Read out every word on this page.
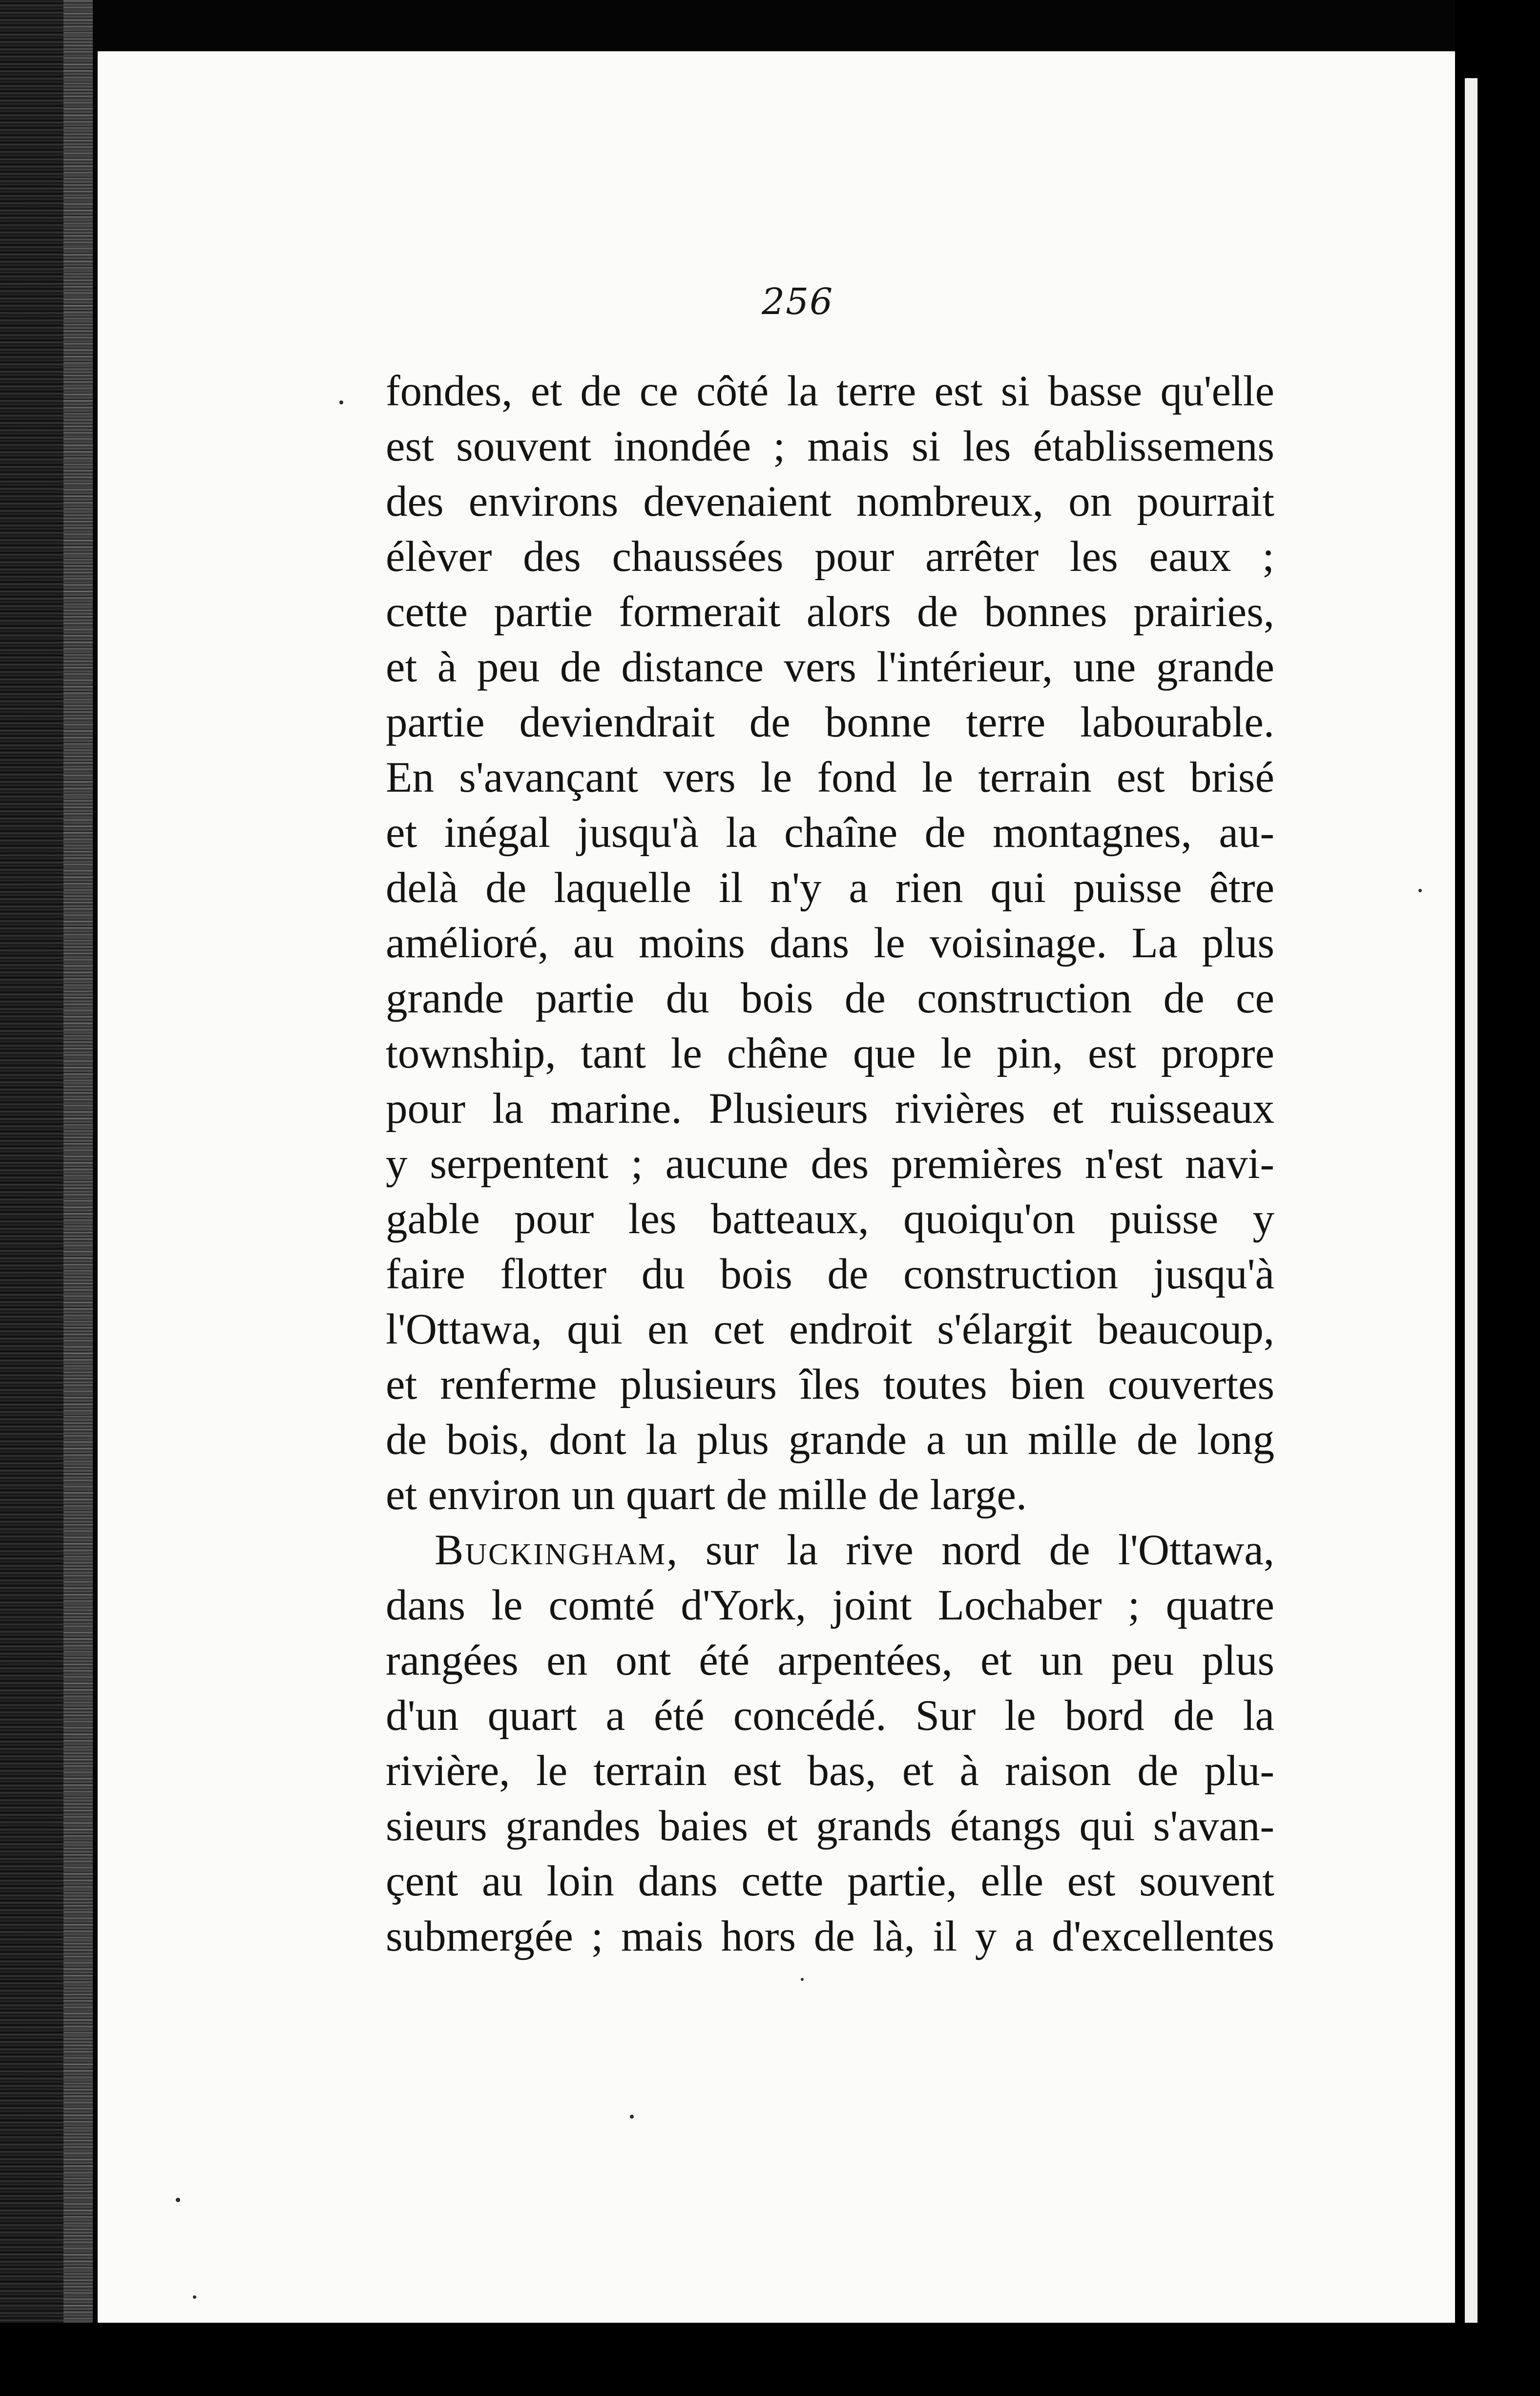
256
fondes, et de ce côté la terre est si basse qu'elle
est souvent inondée ; mais si les établissemens
des environs devenaient nombreux, on pourrait
élèver des chaussées pour arrêter les eaux ;
cette partie formerait alors de bonnes prairies,
et à peu de distance vers l'intérieur, une grande
partie deviendrait de bonne terre labourable.
En s'avançant vers le fond le terrain est brisé
et inégal jusqu'à la chaîne de montagnes, au-
delà de laquelle il n'y a rien qui puisse être
amélioré, au moins dans le voisinage. La plus
grande partie du bois de construction de ce
township, tant le chêne que le pin, est propre
pour la marine. Plusieurs rivières et ruisseaux
y serpentent ; aucune des premières n'est navi-
gable pour les batteaux, quoiqu'on puisse y
faire flotter du bois de construction jusqu'à
l'Ottawa, qui en cet endroit s'élargit beaucoup,
et renferme plusieurs îles toutes bien couvertes
de bois, dont la plus grande a un mille de long
et environ un quart de mille de large.
Buckingham, sur la rive nord de l'Ottawa,
dans le comté d'York, joint Lochaber ; quatre
rangées en ont été arpentées, et un peu plus
d'un quart a été concédé. Sur le bord de la
rivière, le terrain est bas, et à raison de plu-
sieurs grandes baies et grands étangs qui s'avan-
çent au loin dans cette partie, elle est souvent
submergée ; mais hors de là, il y a d'excellentes
